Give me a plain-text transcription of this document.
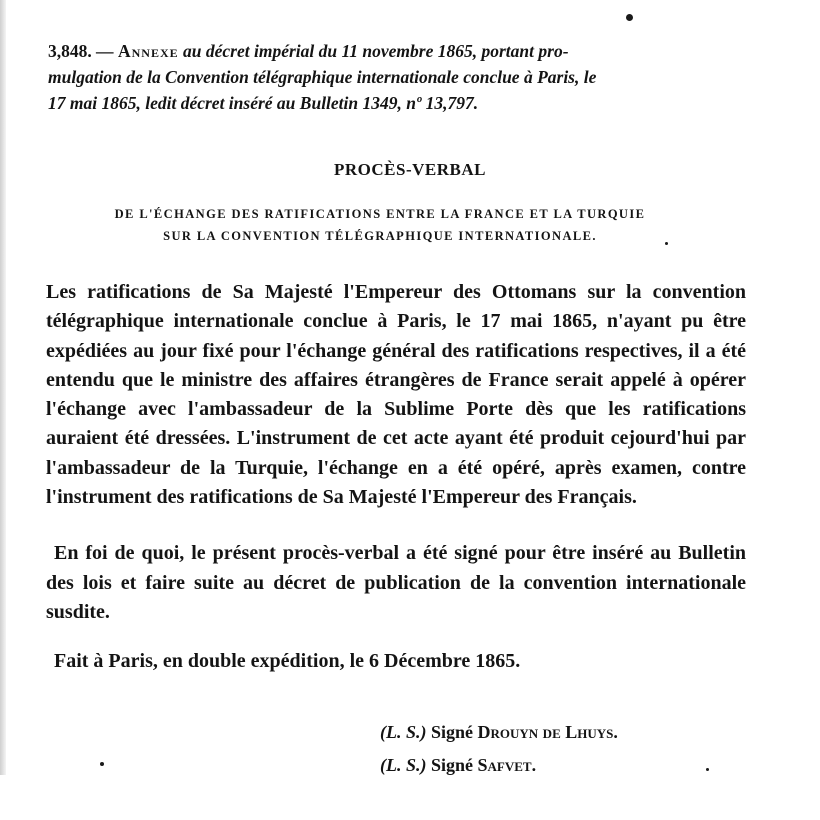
3,848. — Annexe au décret impérial du 11 novembre 1865, portant pro-
mulgation de la Convention télégraphique internationale conclue à Paris, le
17 mai 1865, ledit décret inséré au Bulletin 1349, nº 13,797.
PROCÈS-VERBAL
DE L'ÉCHANGE DES RATIFICATIONS ENTRE LA FRANCE ET LA TURQUIE
SUR LA CONVENTION TÉLÉGRAPHIQUE INTERNATIONALE.

Les ratifications de Sa Majesté l'Empereur des Ottomans sur la convention télégraphique internationale conclue à Paris, le 17 mai 1865, n'ayant pu être expédiées au jour fixé pour l'échange général des ratifications respectives, il a été entendu que le ministre des affaires étrangères de France serait appelé à opérer l'échange avec l'ambassadeur de la Sublime Porte dès que les ratifications auraient été dressées. L'instrument de cet acte ayant été produit cejourd'hui par l'ambassadeur de la Turquie, l'échange en a été opéré, après examen, contre l'instrument des ratifications de Sa Majesté l'Empereur des Français.

En foi de quoi, le présent procès-verbal a été signé pour être inséré au Bulletin des lois et faire suite au décret de publication de la convention internationale susdite.

Fait à Paris, en double expédition, le 6 Décembre 1865.

(L. S.) Signé Drouyn de Lhuys.
(L. S.) Signé Safvet.
